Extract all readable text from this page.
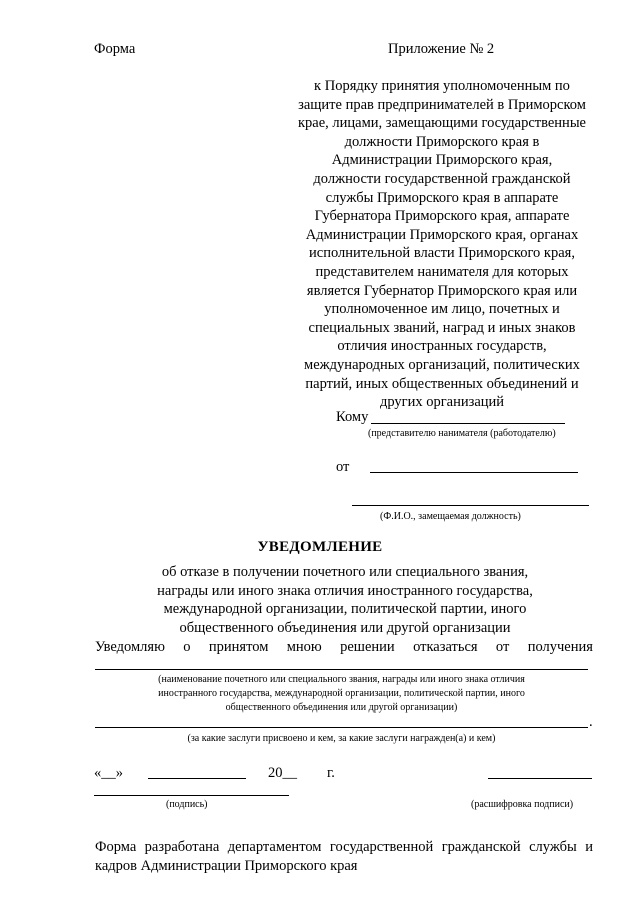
Форма	Приложение № 2
к Порядку принятия уполномоченным по
защите прав предпринимателей в Приморском
крае, лицами, замещающими государственные
должности Приморского края в
Администрации Приморского края,
должности государственной гражданской
службы Приморского края в аппарате
Губернатора Приморского края, аппарате
Администрации Приморского края, органах
исполнительной власти Приморского края,
представителем нанимателя для которых
является Губернатор Приморского края или
уполномоченное им лицо, почетных и
специальных званий, наград и иных знаков
отличия иностранных государств,
международных организаций, политических
партий, иных общественных объединений и
других организаций
Кому
(представителю нанимателя (работодателю)
от
(Ф.И.О., замещаемая должность)
УВЕДОМЛЕНИЕ
об отказе в получении почетного или специального звания,
награды или иного знака отличия иностранного государства,
международной организации, политической партии, иного
общественного объединения или другой организации
Уведомляю о принятом мною решении отказаться от получения
(наименование почетного или специального звания, награды или иного знака отличия
иностранного государства, международной организации, политической партии, иного
общественного объединения или другой организации)
.
(за какие заслуги присвоено и кем, за какие заслуги награжден(а) и кем)
«__»	20__ г.
(подпись)	(расшифровка подписи)
Форма разработана департаментом государственной гражданской службы и
кадров Администрации Приморского края
